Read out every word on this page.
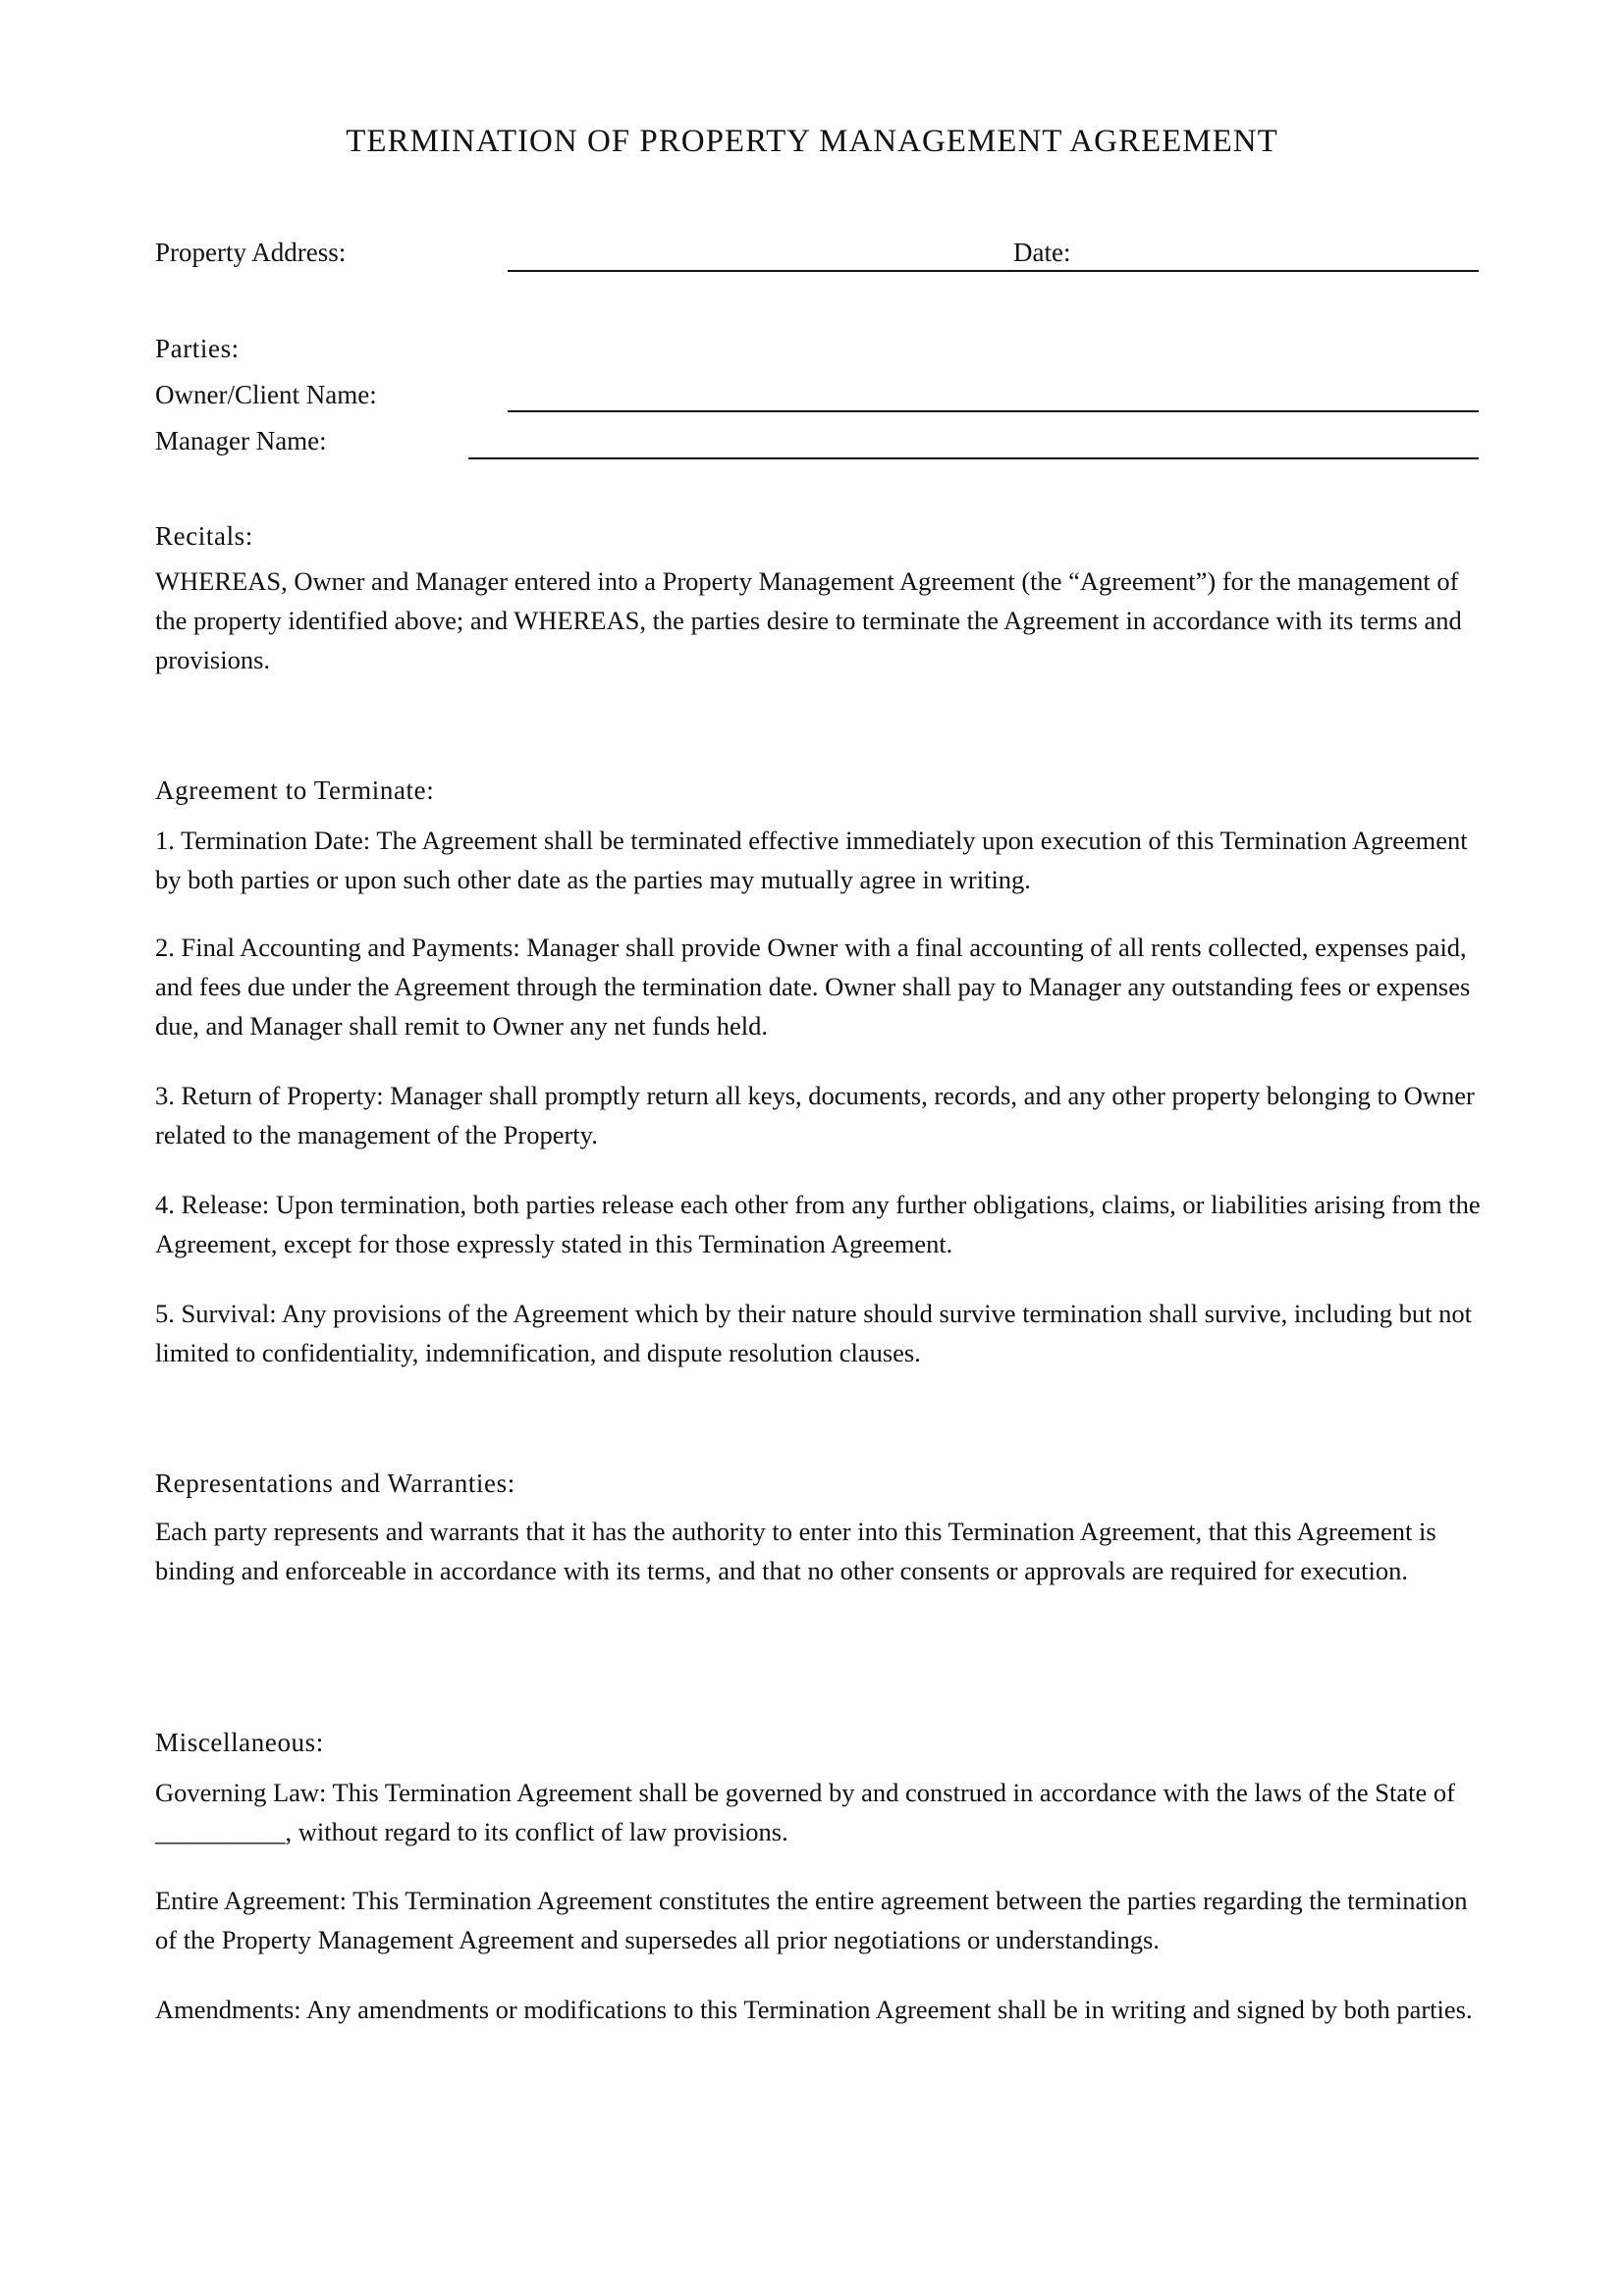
TERMINATION OF PROPERTY MANAGEMENT AGREEMENT
Property Address:	Date:
Parties:
Owner/Client Name:
Manager Name:
Recitals:
WHEREAS, Owner and Manager entered into a Property Management Agreement (the “Agreement”) for the management of the property identified above; and WHEREAS, the parties desire to terminate the Agreement in accordance with its terms and provisions.
Agreement to Terminate:
1. Termination Date: The Agreement shall be terminated effective immediately upon execution of this Termination Agreement by both parties or upon such other date as the parties may mutually agree in writing.
2. Final Accounting and Payments: Manager shall provide Owner with a final accounting of all rents collected, expenses paid, and fees due under the Agreement through the termination date. Owner shall pay to Manager any outstanding fees or expenses due, and Manager shall remit to Owner any net funds held.
3. Return of Property: Manager shall promptly return all keys, documents, records, and any other property belonging to Owner related to the management of the Property.
4. Release: Upon termination, both parties release each other from any further obligations, claims, or liabilities arising from the Agreement, except for those expressly stated in this Termination Agreement.
5. Survival: Any provisions of the Agreement which by their nature should survive termination shall survive, including but not limited to confidentiality, indemnification, and dispute resolution clauses.
Representations and Warranties:
Each party represents and warrants that it has the authority to enter into this Termination Agreement, that this Agreement is binding and enforceable in accordance with its terms, and that no other consents or approvals are required for execution.
Miscellaneous:
Governing Law: This Termination Agreement shall be governed by and construed in accordance with the laws of the State of __________, without regard to its conflict of law provisions.
Entire Agreement: This Termination Agreement constitutes the entire agreement between the parties regarding the termination of the Property Management Agreement and supersedes all prior negotiations or understandings.
Amendments: Any amendments or modifications to this Termination Agreement shall be in writing and signed by both parties.
